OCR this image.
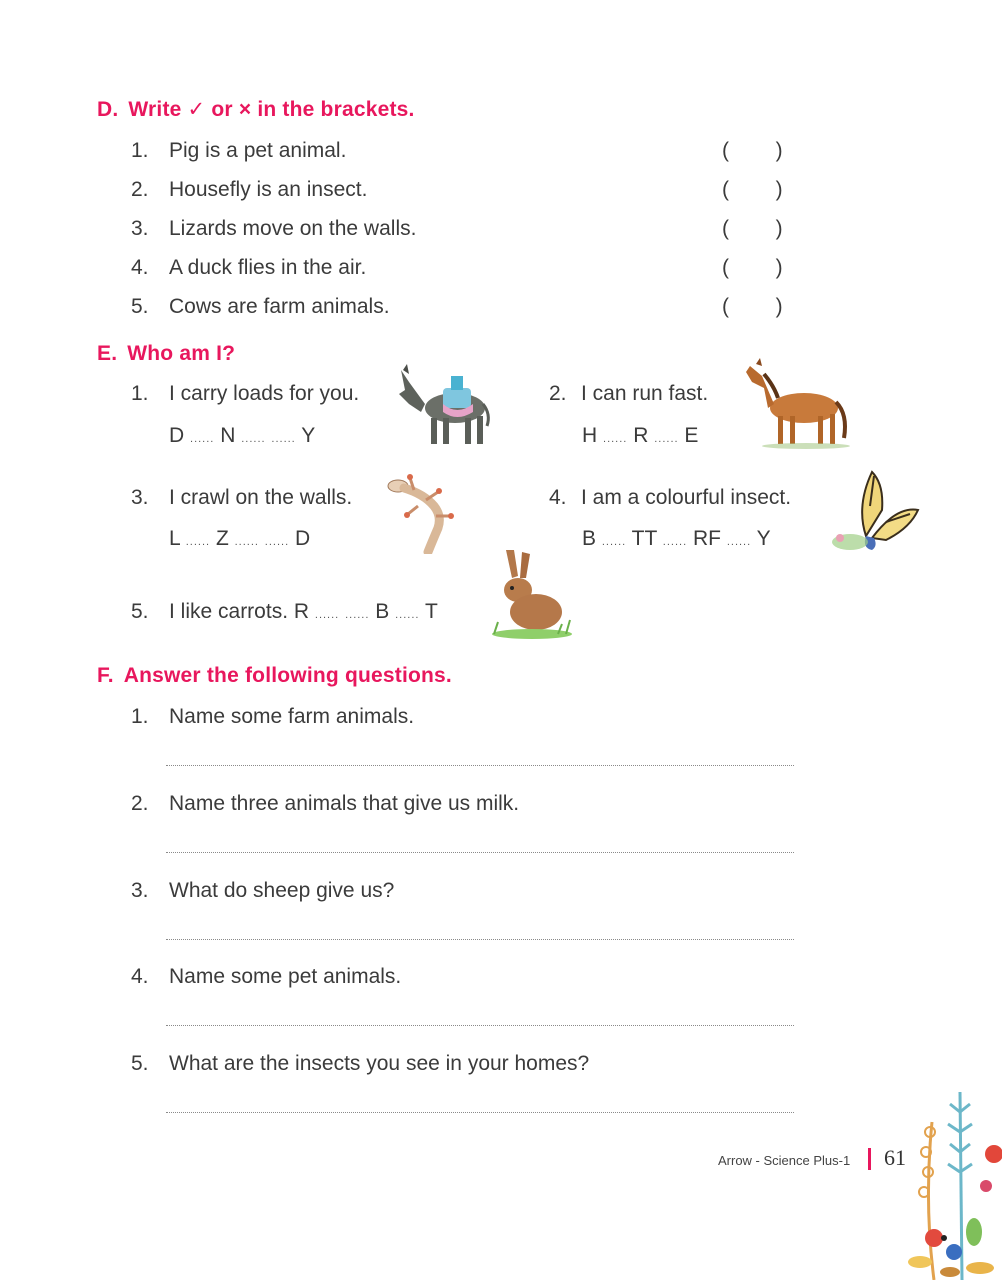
D. Write ✓ or × in the brackets.
1. Pig is a pet animal.	(        )
2. Housefly is an insect.	(        )
3. Lizards move on the walls.	(        )
4. A duck flies in the air.	(        )
5. Cows are farm animals.	(        )
E. Who am I?
1. I carry loads for you.
D ...... N ...... ...... Y
2. I can run fast.
H ...... R ...... E
3. I crawl on the walls.
L ...... Z ...... ...... D
4. I am a colourful insect.
B ...... TT ...... RF ...... Y
5. I like carrots. R ...... ...... B ...... T
F. Answer the following questions.
1. Name some farm animals.
2. Name three animals that give us milk.
3. What do sheep give us?
4. Name some pet animals.
5. What are the insects you see in your homes?
Arrow - Science Plus-1 61
